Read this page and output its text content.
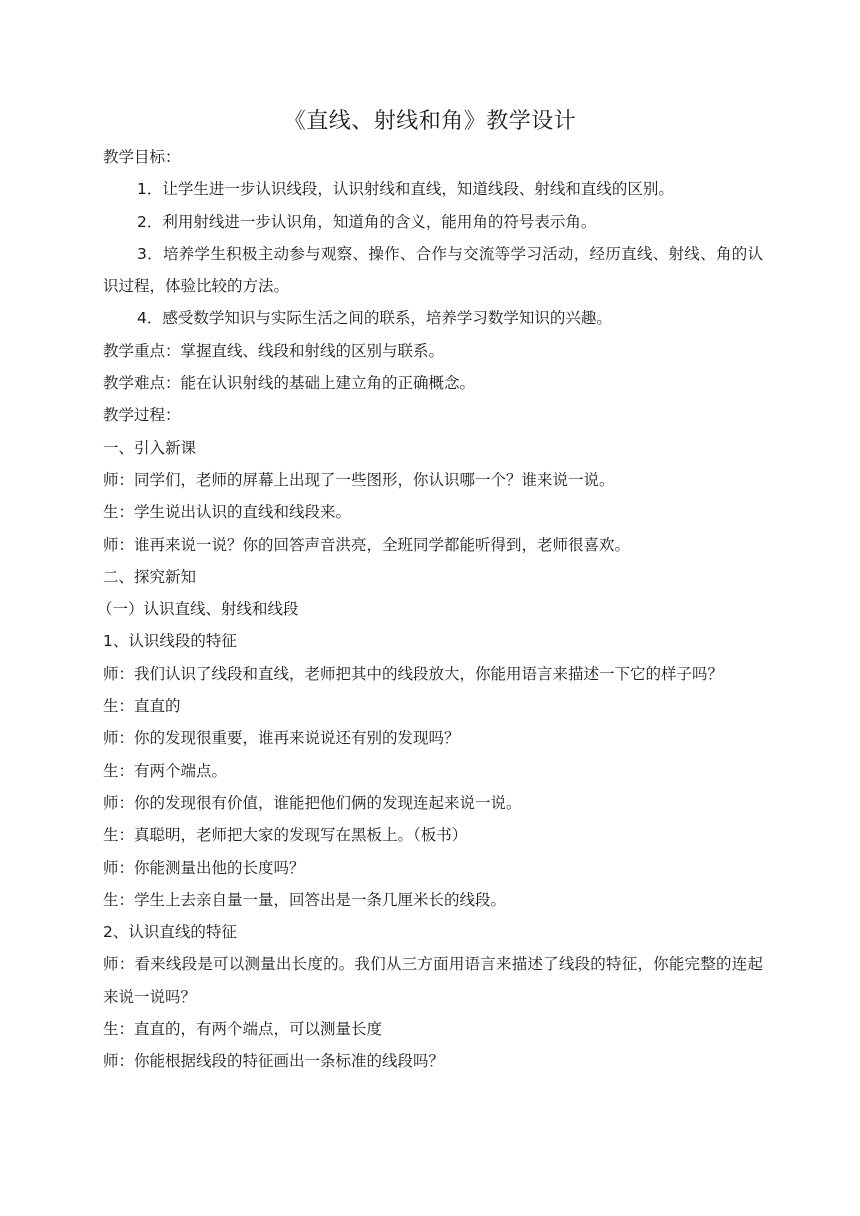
《直线、射线和角》教学设计

教学目标：

1．让学生进一步认识线段，认识射线和直线，知道线段、射线和直线的区别。

2．利用射线进一步认识角，知道角的含义，能用角的符号表示角。

3．培养学生积极主动参与观察、操作、合作与交流等学习活动，经历直线、射线、角的认识过程，体验比较的方法。

4．感受数学知识与实际生活之间的联系，培养学习数学知识的兴趣。

教学重点：掌握直线、线段和射线的区别与联系。

教学难点：能在认识射线的基础上建立角的正确概念。

教学过程：

一、引入新课

师：同学们，老师的屏幕上出现了一些图形，你认识哪一个？谁来说一说。

生：学生说出认识的直线和线段来。

师：谁再来说一说？你的回答声音洪亮，全班同学都能听得到，老师很喜欢。

二、探究新知

（一）认识直线、射线和线段

1、认识线段的特征

师：我们认识了线段和直线，老师把其中的线段放大，你能用语言来描述一下它的样子吗？

生：直直的

师：你的发现很重要，谁再来说说还有别的发现吗？

生：有两个端点。

师：你的发现很有价值，谁能把他们俩的发现连起来说一说。

生：真聪明，老师把大家的发现写在黑板上。（板书）

师：你能测量出他的长度吗？

生：学生上去亲自量一量，回答出是一条几厘米长的线段。

2、认识直线的特征

师：看来线段是可以测量出长度的。我们从三方面用语言来描述了线段的特征，你能完整的连起来说一说吗？

生：直直的，有两个端点，可以测量长度

师：你能根据线段的特征画出一条标准的线段吗？
